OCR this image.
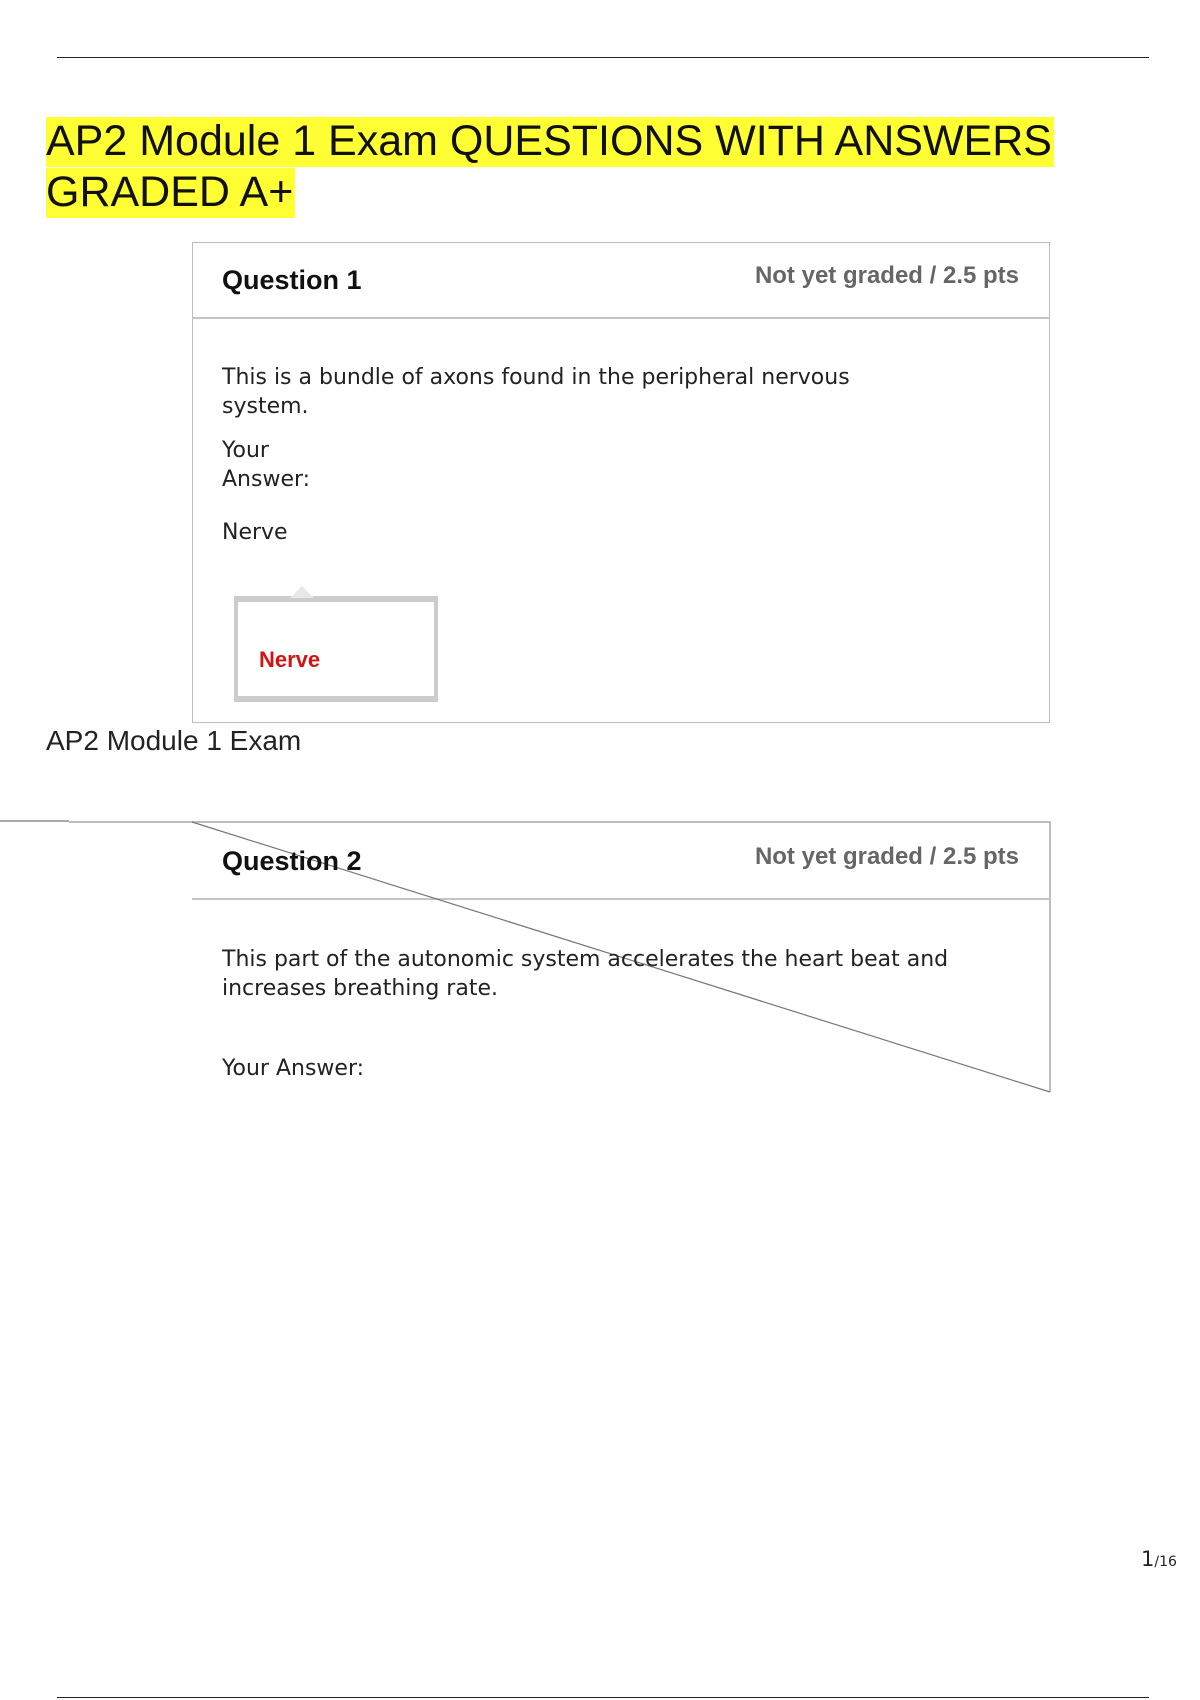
AP2 Module 1 Exam QUESTIONS WITH ANSWERS
GRADED A+
Question 1	Not yet graded / 2.5 pts
This is a bundle of axons found in the peripheral nervous
system.
Your
Answer:
Nerve
Nerve
AP2 Module 1 Exam
Question 2	Not yet graded / 2.5 pts
This part of the autonomic system accelerates the heart beat and
increases breathing rate.
Your Answer:
1/16
